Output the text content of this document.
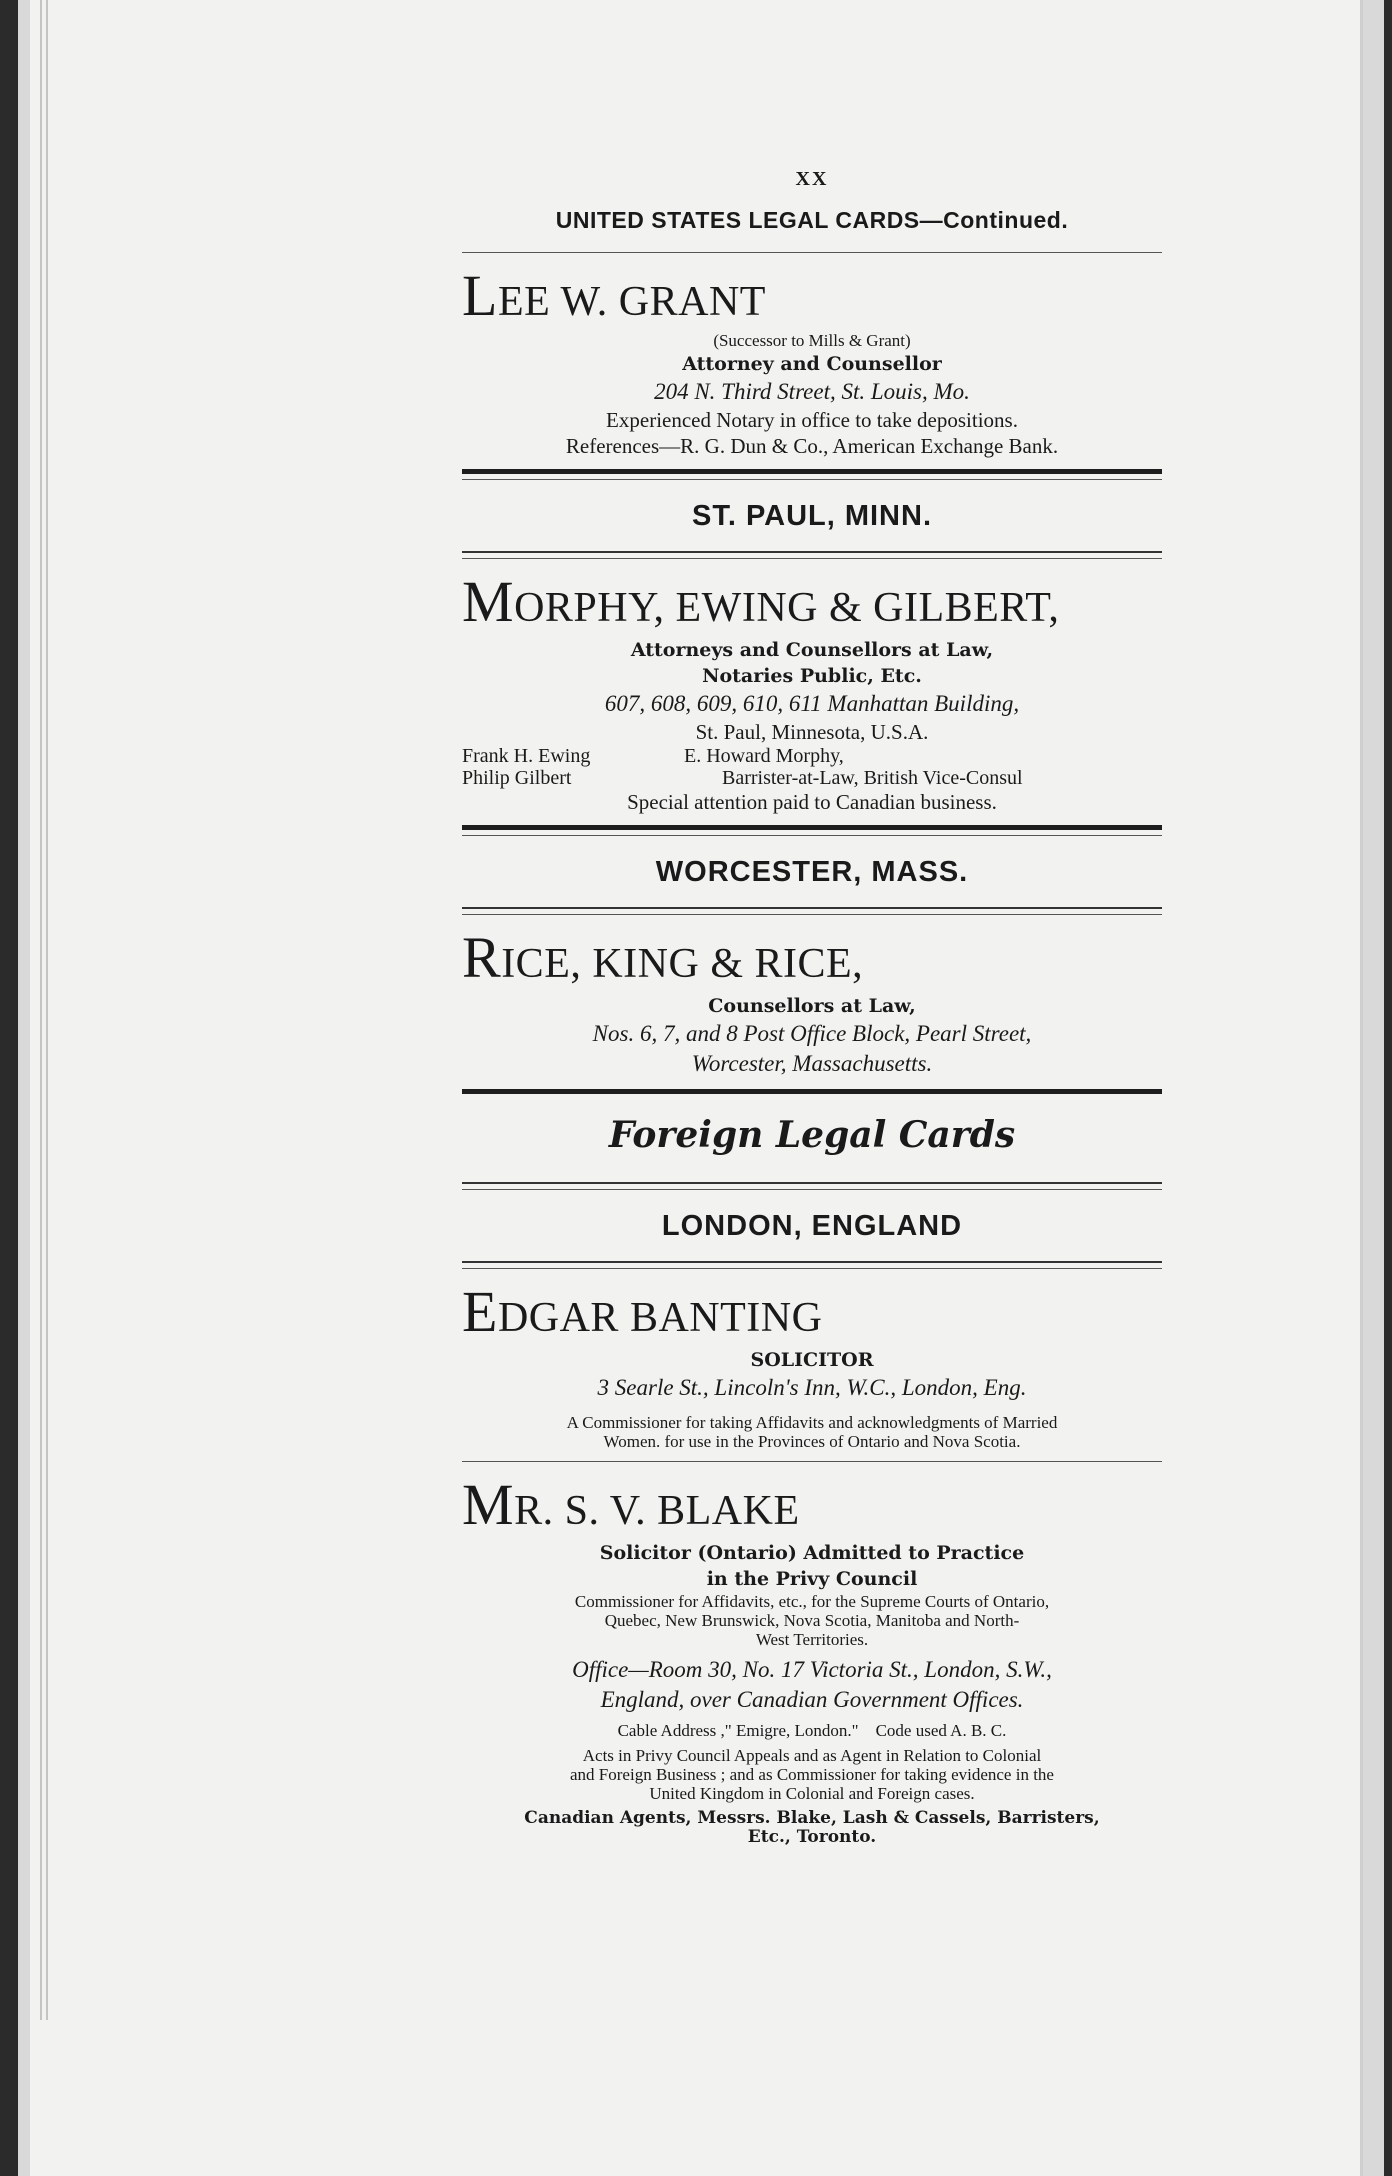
XX
UNITED STATES LEGAL CARDS—Continued.
LEE W. GRANT
(Successor to Mills & Grant)
Attorney and Counsellor
204 N. Third Street, St. Louis, Mo.
Experienced Notary in office to take depositions.
References—R. G. Dun & Co., American Exchange Bank.
ST. PAUL, MINN.
MORPHY, EWING & GILBERT,
Attorneys and Counsellors at Law,
Notaries Public, Etc.
607, 608, 609, 610, 611 Manhattan Building,
St. Paul, Minnesota, U.S.A.
Frank H. Ewing
Philip Gilbert
E. Howard Morphy,
Barrister-at-Law, British Vice-Consul
Special attention paid to Canadian business.
WORCESTER, MASS.
RICE, KING & RICE,
Counsellors at Law,
Nos. 6, 7, and 8 Post Office Block, Pearl Street,
Worcester, Massachusetts.
Foreign Legal Cards
LONDON, ENGLAND
EDGAR BANTING
SOLICITOR
3 Searle St., Lincoln's Inn, W.C., London, Eng.
A Commissioner for taking Affidavits and acknowledgments of Married
Women. for use in the Provinces of Ontario and Nova Scotia.
MR. S. V. BLAKE
Solicitor (Ontario) Admitted to Practice
in the Privy Council
Commissioner for Affidavits, etc., for the Supreme Courts of Ontario,
Quebec, New Brunswick, Nova Scotia, Manitoba and North-
West Territories.
Office—Room 30, No. 17 Victoria St., London, S.W.,
England, over Canadian Government Offices.
Cable Address ," Emigre, London."    Code used A. B. C.
Acts in Privy Council Appeals and as Agent in Relation to Colonial
and Foreign Business ; and as Commissioner for taking evidence in the
United Kingdom in Colonial and Foreign cases.
Canadian Agents, Messrs. Blake, Lash & Cassels, Barristers,
Etc., Toronto.
